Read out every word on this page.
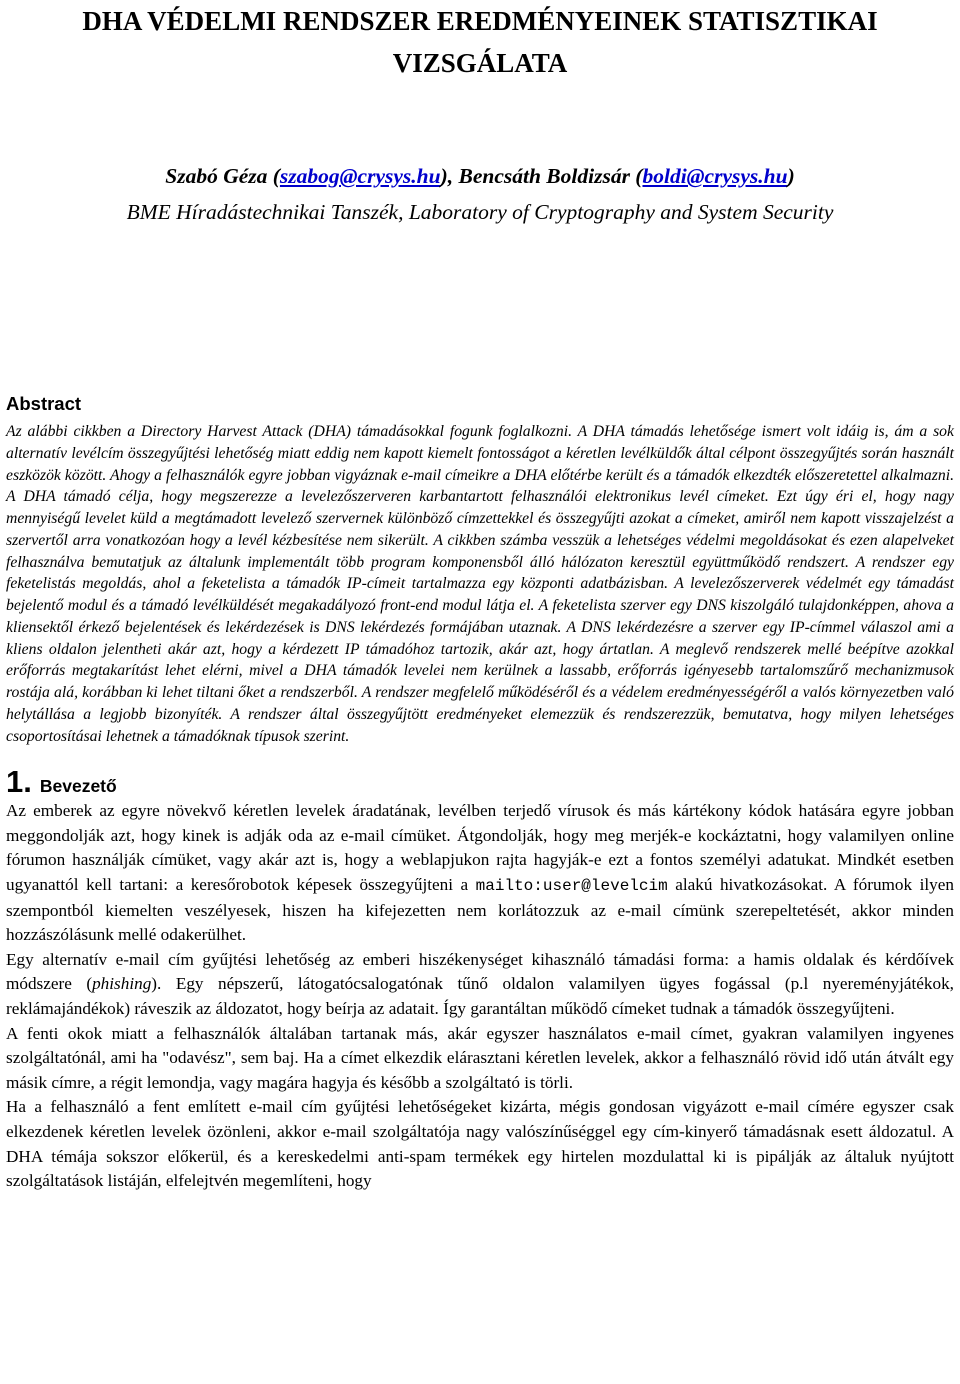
DHA VÉDELMI RENDSZER EREDMÉNYEINEK STATISZTIKAI VIZSGÁLATA
Szabó Géza (szabog@crysys.hu), Bencsáth Boldizsár (boldi@crysys.hu)
BME Híradástechnikai Tanszék, Laboratory of Cryptography and System Security
Abstract
Az alábbi cikkben a Directory Harvest Attack (DHA) támadásokkal fogunk foglalkozni. A DHA támadás lehetősége ismert volt idáig is, ám a sok alternatív levélcím összegyűjtési lehetőség miatt eddig nem kapott kiemelt fontosságot a kéretlen levélküldők által célpont összegyűjtés során használt eszközök között. Ahogy a felhasználók egyre jobban vigyáznak e-mail címeikre a DHA előtérbe került és a támadók elkezdték előszeretettel alkalmazni. A DHA támadó célja, hogy megszerezze a levelezőszerveren karbantartott felhasználói elektronikus levél címeket. Ezt úgy éri el, hogy nagy mennyiségű levelet küld a megtámadott levelező szervernek különböző címzettekkel és összegyűjti azokat a címeket, amiről nem kapott visszajelzést a szervertől arra vonatkozóan hogy a levél kézbesítése nem sikerült. A cikkben számba vesszük a lehetséges védelmi megoldásokat és ezen alapelveket felhasználva bemutatjuk az általunk implementált több program komponensből álló hálózaton keresztül együttműködő rendszert. A rendszer egy feketelistás megoldás, ahol a feketelista a támadók IP-címeit tartalmazza egy központi adatbázisban. A levelezőszerverek védelmét egy támadást bejelentő modul és a támadó levélküldését megakadályozó front-end modul látja el. A feketelista szerver egy DNS kiszolgáló tulajdonképpen, ahova a kliensektől érkező bejelentések és lekérdezések is DNS lekérdezés formájában utaznak. A DNS lekérdezésre a szerver egy IP-címmel válaszol ami a kliens oldalon jelentheti akár azt, hogy a kérdezett IP támadóhoz tartozik, akár azt, hogy ártatlan. A meglevő rendszerek mellé beépítve azokkal erőforrás megtakarítást lehet elérni, mivel a DHA támadók levelei nem kerülnek a lassabb, erőforrás igényesebb tartalomszűrő mechanizmusok rostája alá, korábban ki lehet tiltani őket a rendszerből. A rendszer megfelelő működéséről és a védelem eredményességéről a valós környezetben való helytállása a legjobb bizonyíték. A rendszer által összegyűjtött eredményeket elemezzük és rendszerezzük, bemutatva, hogy milyen lehetséges csoportosításai lehetnek a támadóknak típusok szerint.
1. Bevezető

Az emberek az egyre növekvő kéretlen levelek áradatának, levélben terjedő vírusok és más kártékony kódok hatására egyre jobban meggondolják azt, hogy kinek is adják oda az e-mail címüket. Átgondolják, hogy meg merjék-e kockáztatni, hogy valamilyen online fórumon használják címüket, vagy akár azt is, hogy a weblapjukon rajta hagyják-e ezt a fontos személyi adatukat. Mindkét esetben ugyanattól kell tartani: a keresőrobotok képesek összegyűjteni a mailto:user@levelcim alakú hivatkozásokat. A fórumok ilyen szempontból kiemelten veszélyesek, hiszen ha kifejezetten nem korlátozzuk az e-mail címünk szerepeltetését, akkor minden hozzászólásunk mellé odakerülhet.

Egy alternatív e-mail cím gyűjtési lehetőség az emberi hiszékenységet kihasználó támadási forma: a hamis oldalak és kérdőívek módszere (phishing). Egy népszerű, látogatócsalogatónak tűnő oldalon valamilyen ügyes fogással (p.l nyereményjátékok, reklámajándékok) ráveszik az áldozatot, hogy beírja az adatait. Így garantáltan működő címeket tudnak a támadók összegyűjteni.

A fenti okok miatt a felhasználók általában tartanak más, akár egyszer használatos e-mail címet, gyakran valamilyen ingyenes szolgáltatónál, ami ha "odavész", sem baj. Ha a címet elkezdik elárasztani kéretlen levelek, akkor a felhasználó rövid idő után átvált egy másik címre, a régit lemondja, vagy magára hagyja és később a szolgáltató is törli.

Ha a felhasználó a fent említett e-mail cím gyűjtési lehetőségeket kizárta, mégis gondosan vigyázott e-mail címére egyszer csak elkezdenek kéretlen levelek özönleni, akkor e-mail szolgáltatója nagy valószínűséggel egy cím-kinyerő támadásnak esett áldozatul. A DHA témája sokszor előkerül, és a kereskedelmi anti-spam termékek egy hirtelen mozdulattal ki is pipálják az általuk nyújtott szolgáltatások listáján, elfelejtvén megemlíteni, hogy
